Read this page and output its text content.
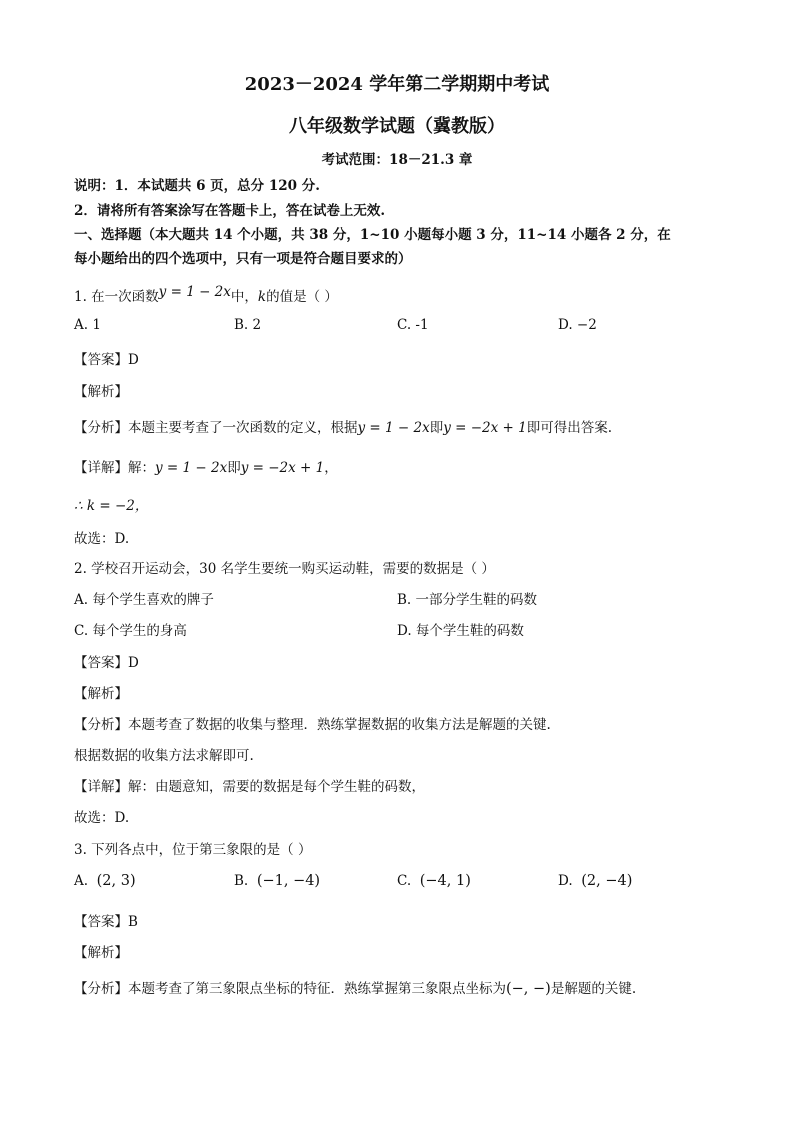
2023－2024 学年第二学期期中考试
八年级数学试题（冀教版）
考试范围：18－21.3 章
说明：1．本试题共 6 页，总分 120 分.
2．请将所有答案涂写在答题卡上，答在试卷上无效.
一、选择题（本大题共 14 个小题，共 38 分，1~10 小题每小题 3 分，11~14 小题各 2 分，在
每小题给出的四个选项中，只有一项是符合题目要求的）
1. 在一次函数y = 1 − 2x中，k的值是（ ）
A. 1	B. 2	C. -1	D. −2
【答案】D
【解析】
【分析】本题主要考查了一次函数的定义，根据y = 1 − 2x即y = −2x + 1即可得出答案.
【详解】解：y = 1 − 2x即y = −2x + 1，
∴ k = −2，
故选：D.
2. 学校召开运动会，30 名学生要统一购买运动鞋，需要的数据是（ ）
A. 每个学生喜欢的牌子	B. 一部分学生鞋的码数
C. 每个学生的身高	D. 每个学生鞋的码数
【答案】D
【解析】
【分析】本题考查了数据的收集与整理．熟练掌握数据的收集方法是解题的关键.
根据数据的收集方法求解即可.
【详解】解：由题意知，需要的数据是每个学生鞋的码数，
故选：D.
3. 下列各点中，位于第三象限的是（ ）
A. (2, 3)	B. (−1, −4)	C. (−4, 1)	D. (2, −4)
【答案】B
【解析】
【分析】本题考查了第三象限点坐标的特征．熟练掌握第三象限点坐标为(−, −)是解题的关键.
